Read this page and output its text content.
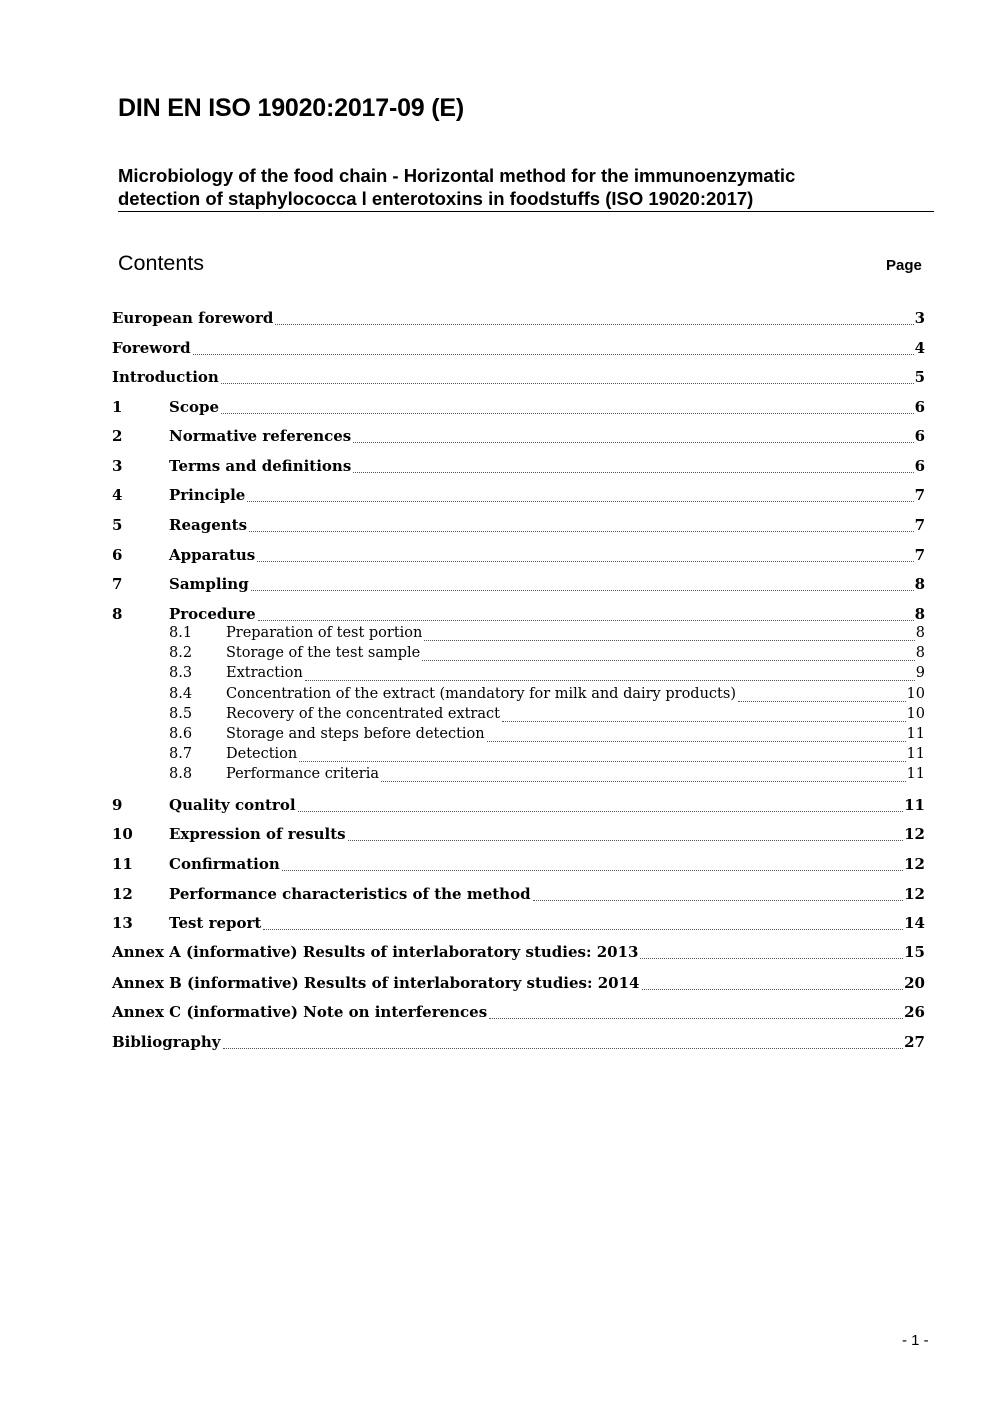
DIN EN ISO 19020:2017-09 (E)
Microbiology of the food chain - Horizontal method for the immunoenzymatic
detection of staphylococca l enterotoxins in foodstuffs (ISO 19020:2017)
Contents	Page
European foreword	3
Foreword	4
Introduction	5
1	Scope	6
2	Normative references	6
3	Terms and definitions	6
4	Principle	7
5	Reagents	7
6	Apparatus	7
7	Sampling	8
8	Procedure	8
8.1	Preparation of test portion	8
8.2	Storage of the test sample	8
8.3	Extraction	9
8.4	Concentration of the extract (mandatory for milk and dairy products)	10
8.5	Recovery of the concentrated extract	10
8.6	Storage and steps before detection	11
8.7	Detection	11
8.8	Performance criteria	11
9	Quality control	11
10	Expression of results	12
11	Confirmation	12
12	Performance characteristics of the method	12
13	Test report	14
Annex A (informative) Results of interlaboratory studies: 2013	15
Annex B (informative) Results of interlaboratory studies: 2014	20
Annex C (informative) Note on interferences	26
Bibliography	27
- 1 -
